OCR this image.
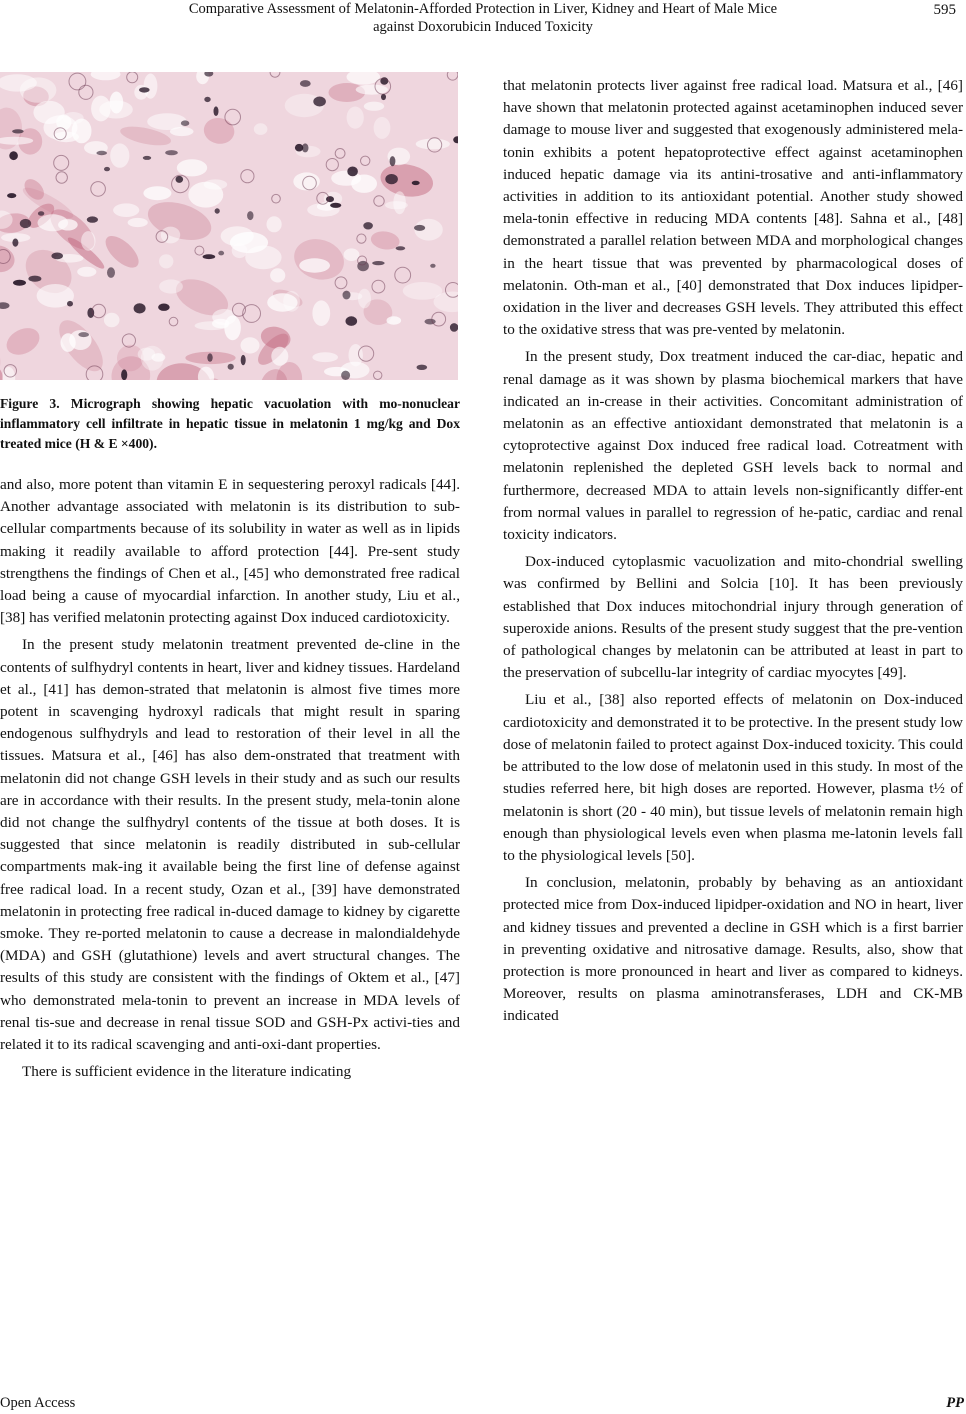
Comparative Assessment of Melatonin-Afforded Protection in Liver, Kidney and Heart of Male Mice
against Doxorubicin Induced Toxicity
595
Figure 3. Micrograph showing hepatic vacuolation with mo-nonuclear inflammatory cell infiltrate in hepatic tissue in melatonin 1 mg/kg and Dox treated mice (H & E ×400).

and also, more potent than vitamin E in sequestering peroxyl radicals [44]. Another advantage associated with melatonin is its distribution to sub-cellular compartments because of its solubility in water as well as in lipids making it readily available to afford protection [44]. Pre-sent study strengthens the findings of Chen et al., [45] who demonstrated free radical load being a cause of myocardial infarction. In another study, Liu et al., [38] has verified melatonin protecting against Dox induced cardiotoxicity.

In the present study melatonin treatment prevented de-cline in the contents of sulfhydryl contents in heart, liver and kidney tissues. Hardeland et al., [41] has demon-strated that melatonin is almost five times more potent in scavenging hydroxyl radicals that might result in sparing endogenous sulfhydryls and lead to restoration of their level in all the tissues. Matsura et al., [46] has also dem-onstrated that treatment with melatonin did not change GSH levels in their study and as such our results are in accordance with their results. In the present study, mela-tonin alone did not change the sulfhydryl contents of the tissue at both doses. It is suggested that since melatonin is readily distributed in sub-cellular compartments mak-ing it available being the first line of defense against free radical load. In a recent study, Ozan et al., [39] have demonstrated melatonin in protecting free radical in-duced damage to kidney by cigarette smoke. They re-ported melatonin to cause a decrease in malondialdehyde (MDA) and GSH (glutathione) levels and avert structural changes. The results of this study are consistent with the findings of Oktem et al., [47] who demonstrated mela-tonin to prevent an increase in MDA levels of renal tis-sue and decrease in renal tissue SOD and GSH-Px activi-ties and related it to its radical scavenging and anti-oxi-dant properties.

There is sufficient evidence in the literature indicating

that melatonin protects liver against free radical load. Matsura et al., [46] have shown that melatonin protected against acetaminophen induced sever damage to mouse liver and suggested that exogenously administered mela-tonin exhibits a potent hepatoprotective effect against acetaminophen induced hepatic damage via its antini-trosative and anti-inflammatory activities in addition to its antioxidant potential. Another study showed mela-tonin effective in reducing MDA contents [48]. Sahna et al., [48] demonstrated a parallel relation between MDA and morphological changes in the heart tissue that was prevented by pharmacological doses of melatonin. Oth-man et al., [40] demonstrated that Dox induces lipidper-oxidation in the liver and decreases GSH levels. They attributed this effect to the oxidative stress that was pre-vented by melatonin.

In the present study, Dox treatment induced the car-diac, hepatic and renal damage as it was shown by plasma biochemical markers that have indicated an in-crease in their activities. Concomitant administration of melatonin as an effective antioxidant demonstrated that melatonin is a cytoprotective against Dox induced free radical load. Cotreatment with melatonin replenished the depleted GSH levels back to normal and furthermore, decreased MDA to attain levels non-significantly differ-ent from normal values in parallel to regression of he-patic, cardiac and renal toxicity indicators.

Dox-induced cytoplasmic vacuolization and mito-chondrial swelling was confirmed by Bellini and Solcia [10]. It has been previously established that Dox induces mitochondrial injury through generation of superoxide anions. Results of the present study suggest that the pre-vention of pathological changes by melatonin can be attributed at least in part to the preservation of subcellu-lar integrity of cardiac myocytes [49].

Liu et al., [38] also reported effects of melatonin on Dox-induced cardiotoxicity and demonstrated it to be protective. In the present study low dose of melatonin failed to protect against Dox-induced toxicity. This could be attributed to the low dose of melatonin used in this study. In most of the studies referred here, bit high doses are reported. However, plasma t½ of melatonin is short (20 - 40 min), but tissue levels of melatonin remain high enough than physiological levels even when plasma me-latonin levels fall to the physiological levels [50].

In conclusion, melatonin, probably by behaving as an antioxidant protected mice from Dox-induced lipidper-oxidation and NO in heart, liver and kidney tissues and prevented a decline in GSH which is a first barrier in preventing oxidative and nitrosative damage. Results, also, show that protection is more pronounced in heart and liver as compared to kidneys. Moreover, results on plasma aminotransferases, LDH and CK-MB indicated

Open Access	PP
